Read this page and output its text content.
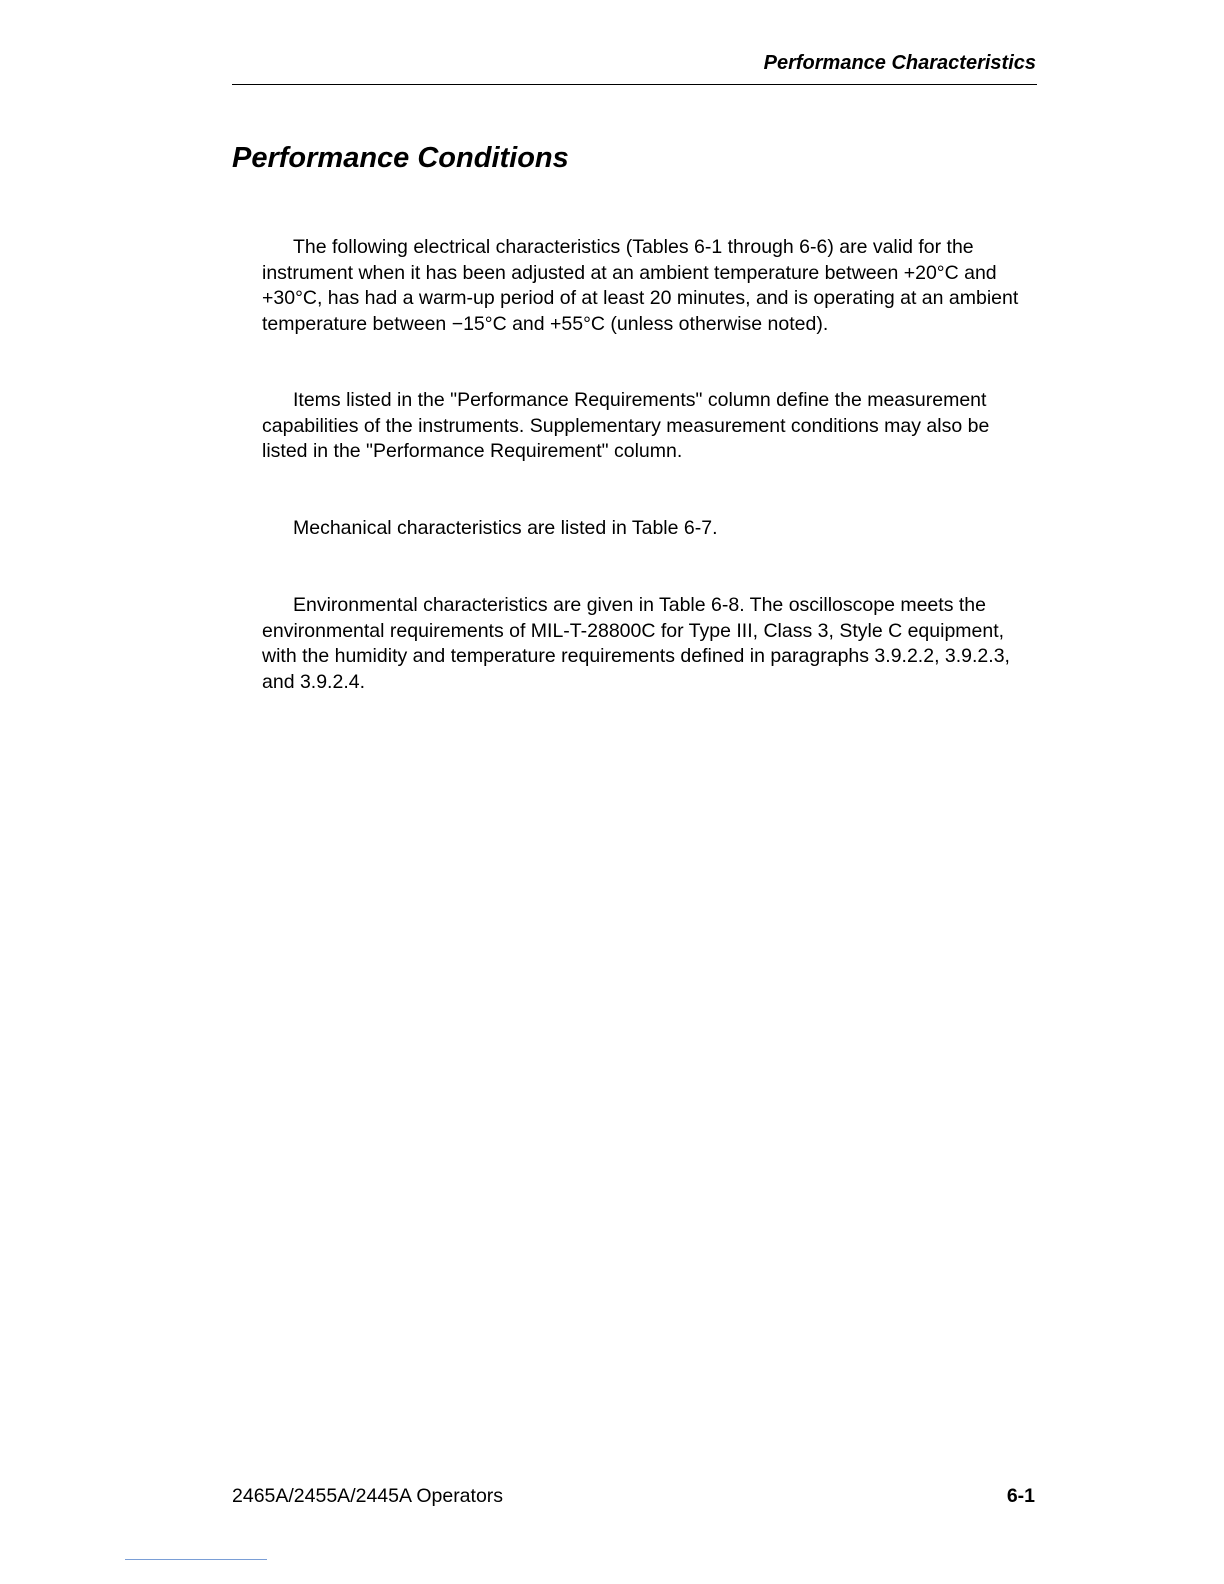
Performance Characteristics
Performance Conditions

The following electrical characteristics (Tables 6-1 through 6-6) are valid for the instrument when it has been adjusted at an ambient temperature between +20°C and +30°C, has had a warm-up period of at least 20 minutes, and is operating at an ambient temperature between −15°C and +55°C (unless otherwise noted).

Items listed in the "Performance Requirements" column define the measurement capabilities of the instruments. Supplementary measurement conditions may also be listed in the "Performance Requirement" column.

Mechanical characteristics are listed in Table 6-7.

Environmental characteristics are given in Table 6-8. The oscilloscope meets the environmental requirements of MIL-T-28800C for Type III, Class 3, Style C equipment, with the humidity and temperature requirements defined in paragraphs 3.9.2.2, 3.9.2.3, and 3.9.2.4.

2465A/2455A/2445A Operators	6-1
